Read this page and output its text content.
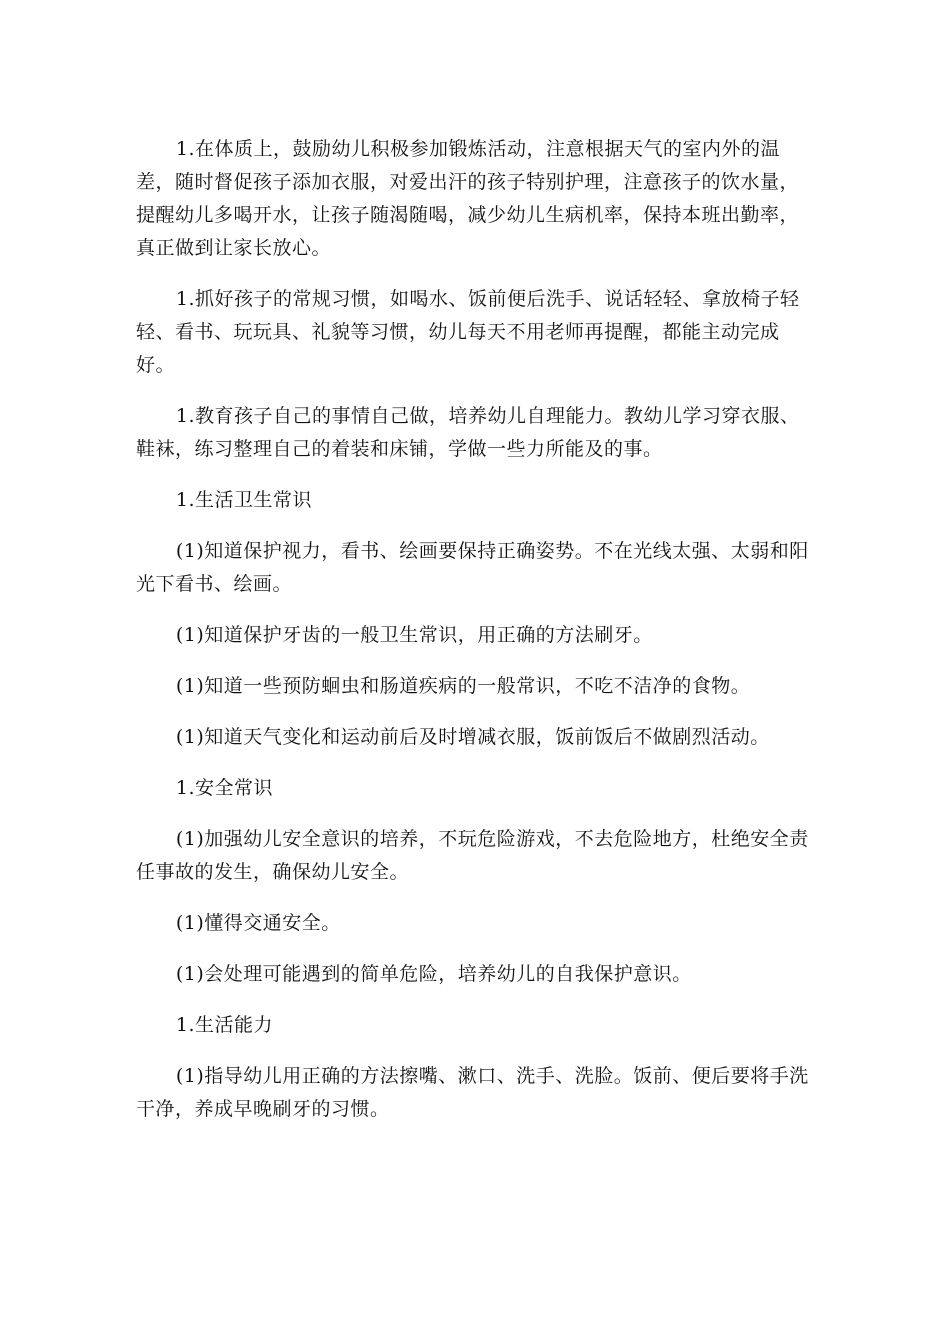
1.在体质上，鼓励幼儿积极参加锻炼活动，注意根据天气的室内外的温差，随时督促孩子添加衣服，对爱出汗的孩子特别护理，注意孩子的饮水量，提醒幼儿多喝开水，让孩子随渴随喝，减少幼儿生病机率，保持本班出勤率，真正做到让家长放心。

1.抓好孩子的常规习惯，如喝水、饭前便后洗手、说话轻轻、拿放椅子轻轻、看书、玩玩具、礼貌等习惯，幼儿每天不用老师再提醒，都能主动完成好。

1.教育孩子自己的事情自己做，培养幼儿自理能力。教幼儿学习穿衣服、鞋袜，练习整理自己的着装和床铺，学做一些力所能及的事。

1.生活卫生常识

(1)知道保护视力，看书、绘画要保持正确姿势。不在光线太强、太弱和阳光下看书、绘画。

(1)知道保护牙齿的一般卫生常识，用正确的方法刷牙。

(1)知道一些预防蛔虫和肠道疾病的一般常识，不吃不洁净的食物。

(1)知道天气变化和运动前后及时增减衣服，饭前饭后不做剧烈活动。

1.安全常识

(1)加强幼儿安全意识的培养，不玩危险游戏，不去危险地方，杜绝安全责任事故的发生，确保幼儿安全。

(1)懂得交通安全。

(1)会处理可能遇到的简单危险，培养幼儿的自我保护意识。

1.生活能力

(1)指导幼儿用正确的方法擦嘴、漱口、洗手、洗脸。饭前、便后要将手洗干净，养成早晚刷牙的习惯。
